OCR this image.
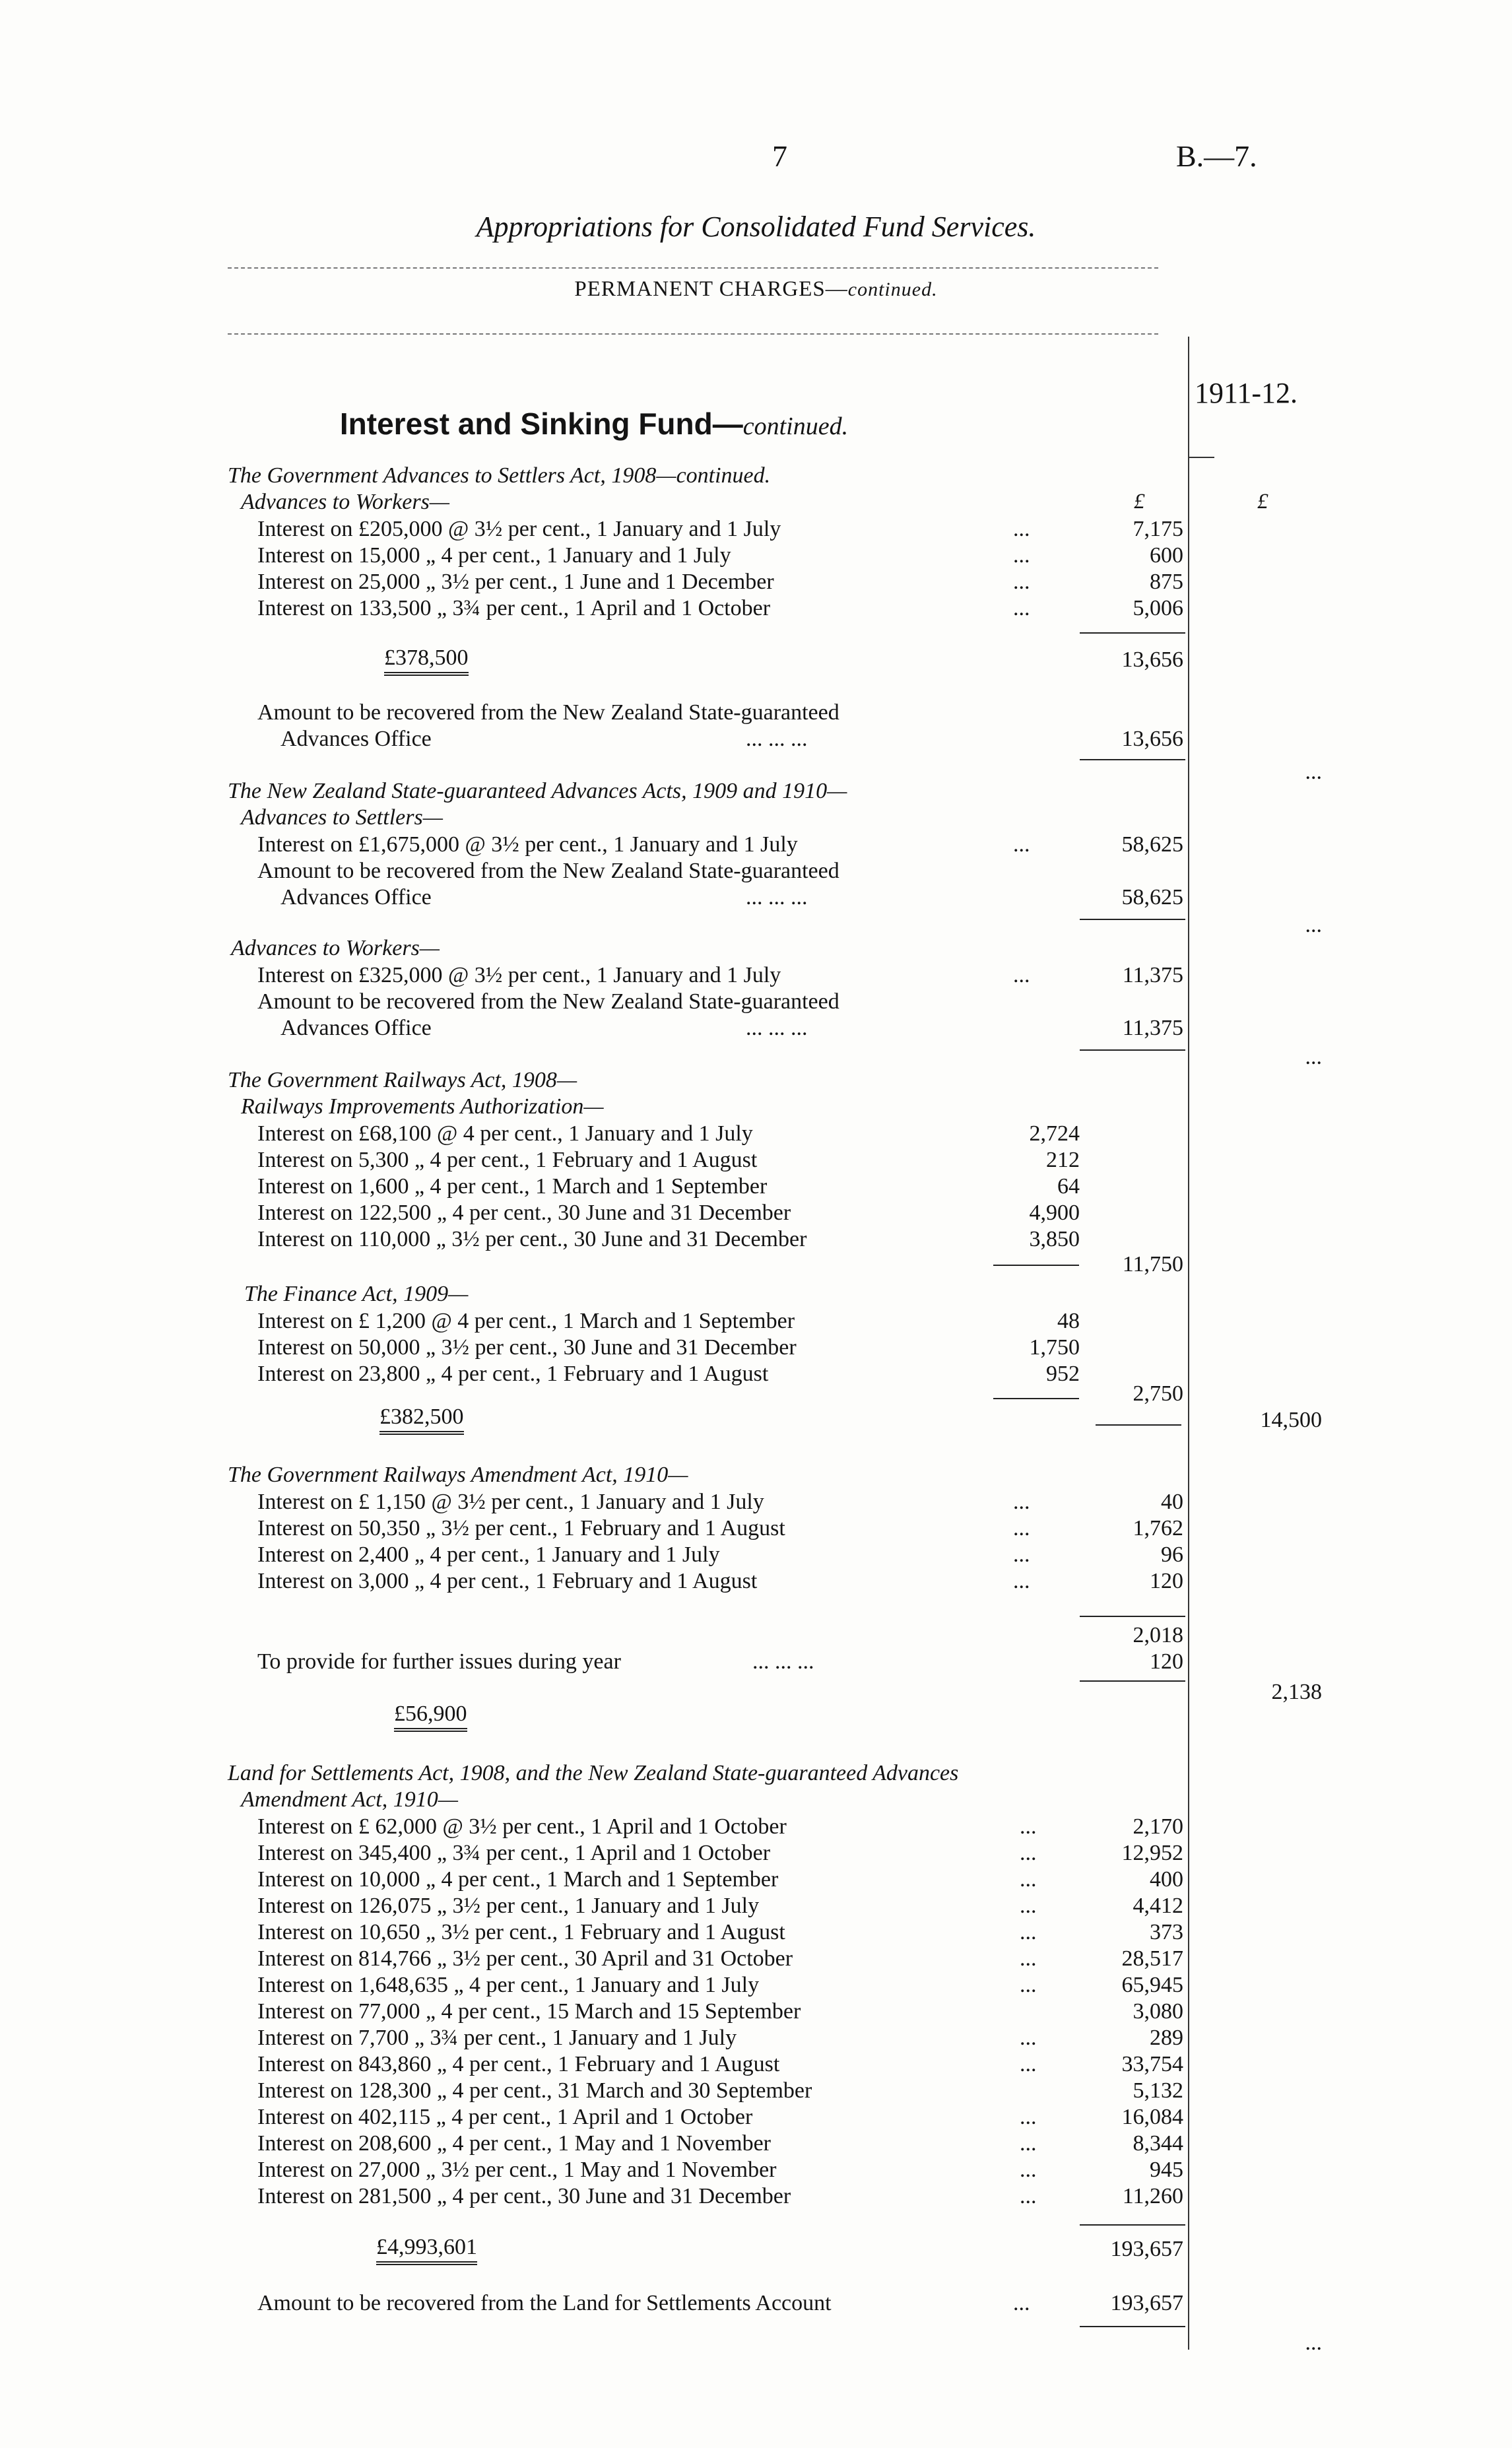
7	B.—7.
Appropriations for Consolidated Fund Services.
PERMANENT CHARGES—continued.
Interest and Sinking Fund—continued.
1911-12.
£	£
The Government Advances to Settlers Act, 1908—continued.
Advances to Workers—
Interest on £205,000 @ 3½ per cent., 1 January and 1 July	...	7,175
Interest on 15,000 „ 4 per cent., 1 January and 1 July	...	600
Interest on 25,000 „ 3½ per cent., 1 June and 1 December	...	875
Interest on 133,500 „ 3¾ per cent., 1 April and 1 October	...	5,006
£378,500	13,656
Amount to be recovered from the New Zealand State-guaranteed
Advances Office	... ... ...	13,656
...
The New Zealand State-guaranteed Advances Acts, 1909 and 1910—
Advances to Settlers—
Interest on £1,675,000 @ 3½ per cent., 1 January and 1 July	...	58,625
Amount to be recovered from the New Zealand State-guaranteed
Advances Office	... ... ...	58,625
...
Advances to Workers—
Interest on £325,000 @ 3½ per cent., 1 January and 1 July	...	11,375
Amount to be recovered from the New Zealand State-guaranteed
Advances Office	... ... ...	11,375
...
The Government Railways Act, 1908—
Railways Improvements Authorization—
Interest on £68,100 @ 4 per cent., 1 January and 1 July	2,724
Interest on 5,300 „ 4 per cent., 1 February and 1 August	212
Interest on 1,600 „ 4 per cent., 1 March and 1 September	64
Interest on 122,500 „ 4 per cent., 30 June and 31 December	4,900
Interest on 110,000 „ 3½ per cent., 30 June and 31 December	3,850
11,750
The Finance Act, 1909—
Interest on £ 1,200 @ 4 per cent., 1 March and 1 September	48
Interest on 50,000 „ 3½ per cent., 30 June and 31 December	1,750
Interest on 23,800 „ 4 per cent., 1 February and 1 August	952
2,750
£382,500	14,500
The Government Railways Amendment Act, 1910—
Interest on £ 1,150 @ 3½ per cent., 1 January and 1 July	...	40
Interest on 50,350 „ 3½ per cent., 1 February and 1 August	...	1,762
Interest on 2,400 „ 4 per cent., 1 January and 1 July	...	96
Interest on 3,000 „ 4 per cent., 1 February and 1 August	...	120
2,018
To provide for further issues during year	... ... ...	120
2,138
£56,900
Land for Settlements Act, 1908, and the New Zealand State-guaranteed Advances
Amendment Act, 1910—
Interest on £ 62,000 @ 3½ per cent., 1 April and 1 October	...	2,170
Interest on 345,400 „ 3¾ per cent., 1 April and 1 October	...	12,952
Interest on 10,000 „ 4 per cent., 1 March and 1 September	...	400
Interest on 126,075 „ 3½ per cent., 1 January and 1 July	...	4,412
Interest on 10,650 „ 3½ per cent., 1 February and 1 August	...	373
Interest on 814,766 „ 3½ per cent., 30 April and 31 October	...	28,517
Interest on 1,648,635 „ 4 per cent., 1 January and 1 July	...	65,945
Interest on 77,000 „ 4 per cent., 15 March and 15 September	3,080
Interest on 7,700 „ 3¾ per cent., 1 January and 1 July	...	289
Interest on 843,860 „ 4 per cent., 1 February and 1 August	...	33,754
Interest on 128,300 „ 4 per cent., 31 March and 30 September	5,132
Interest on 402,115 „ 4 per cent., 1 April and 1 October	...	16,084
Interest on 208,600 „ 4 per cent., 1 May and 1 November	...	8,344
Interest on 27,000 „ 3½ per cent., 1 May and 1 November	...	945
Interest on 281,500 „ 4 per cent., 30 June and 31 December	...	11,260
£4,993,601	193,657
Amount to be recovered from the Land for Settlements Account	...	193,657
...
